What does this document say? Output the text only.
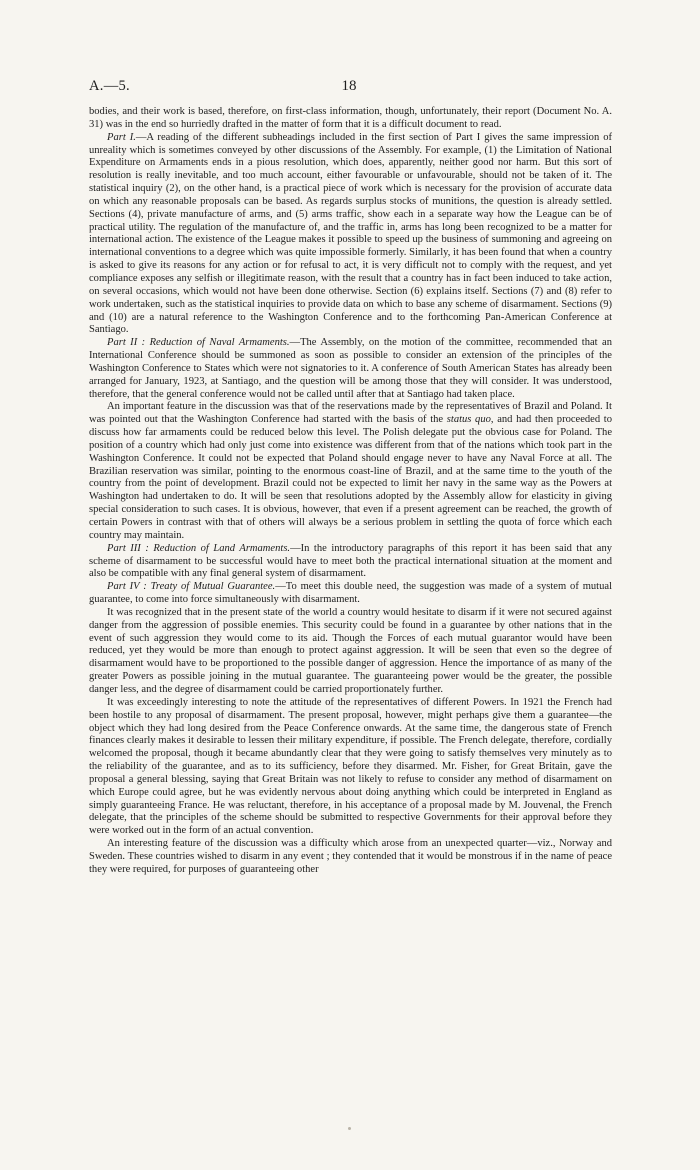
A.—5.	18

bodies, and their work is based, therefore, on first-class information, though, unfortunately, their report (Document No. A. 31) was in the end so hurriedly drafted in the matter of form that it is a difficult document to read.

Part I.—A reading of the different subheadings included in the first section of Part I gives the same impression of unreality which is sometimes conveyed by other discussions of the Assembly. For example, (1) the Limitation of National Expenditure on Armaments ends in a pious resolution, which does, apparently, neither good nor harm. But this sort of resolution is really inevitable, and too much account, either favourable or unfavourable, should not be taken of it. The statistical inquiry (2), on the other hand, is a practical piece of work which is necessary for the provision of accurate data on which any reasonable proposals can be based. As regards surplus stocks of munitions, the question is already settled. Sections (4), private manufacture of arms, and (5) arms traffic, show each in a separate way how the League can be of practical utility. The regulation of the manufacture of, and the traffic in, arms has long been recognized to be a matter for international action. The existence of the League makes it possible to speed up the business of summoning and agreeing on international conventions to a degree which was quite impossible formerly. Similarly, it has been found that when a country is asked to give its reasons for any action or for refusal to act, it is very difficult not to comply with the request, and yet compliance exposes any selfish or illegitimate reason, with the result that a country has in fact been induced to take action, on several occasions, which would not have been done otherwise. Section (6) explains itself. Sections (7) and (8) refer to work undertaken, such as the statistical inquiries to provide data on which to base any scheme of disarmament. Sections (9) and (10) are a natural reference to the Washington Conference and to the forthcoming Pan-American Conference at Santiago.

Part II : Reduction of Naval Armaments.—The Assembly, on the motion of the committee, recommended that an International Conference should be summoned as soon as possible to consider an extension of the principles of the Washington Conference to States which were not signatories to it. A conference of South American States has already been arranged for January, 1923, at Santiago, and the question will be among those that they will consider. It was understood, therefore, that the general conference would not be called until after that at Santiago had taken place.

An important feature in the discussion was that of the reservations made by the representatives of Brazil and Poland. It was pointed out that the Washington Conference had started with the basis of the status quo, and had then proceeded to discuss how far armaments could be reduced below this level. The Polish delegate put the obvious case for Poland. The position of a country which had only just come into existence was different from that of the nations which took part in the Washington Conference. It could not be expected that Poland should engage never to have any Naval Force at all. The Brazilian reservation was similar, pointing to the enormous coast-line of Brazil, and at the same time to the youth of the country from the point of development. Brazil could not be expected to limit her navy in the same way as the Powers at Washington had undertaken to do. It will be seen that resolutions adopted by the Assembly allow for elasticity in giving special consideration to such cases. It is obvious, however, that even if a present agreement can be reached, the growth of certain Powers in contrast with that of others will always be a serious problem in settling the quota of force which each country may maintain.

Part III : Reduction of Land Armaments.—In the introductory paragraphs of this report it has been said that any scheme of disarmament to be successful would have to meet both the practical international situation at the moment and also be compatible with any final general system of disarmament.

Part IV : Treaty of Mutual Guarantee.—To meet this double need, the suggestion was made of a system of mutual guarantee, to come into force simultaneously with disarmament.

It was recognized that in the present state of the world a country would hesitate to disarm if it were not secured against danger from the aggression of possible enemies. This security could be found in a guarantee by other nations that in the event of such aggression they would come to its aid. Though the Forces of each mutual guarantor would have been reduced, yet they would be more than enough to protect against aggression. It will be seen that even so the degree of disarmament would have to be proportioned to the possible danger of aggression. Hence the importance of as many of the greater Powers as possible joining in the mutual guarantee. The guaranteeing power would be the greater, the possible danger less, and the degree of disarmament could be carried proportionately further.

It was exceedingly interesting to note the attitude of the representatives of different Powers. In 1921 the French had been hostile to any proposal of disarmament. The present proposal, however, might perhaps give them a guarantee—the object which they had long desired from the Peace Conference onwards. At the same time, the dangerous state of French finances clearly makes it desirable to lessen their military expenditure, if possible. The French delegate, therefore, cordially welcomed the proposal, though it became abundantly clear that they were going to satisfy themselves very minutely as to the reliability of the guarantee, and as to its sufficiency, before they disarmed. Mr. Fisher, for Great Britain, gave the proposal a general blessing, saying that Great Britain was not likely to refuse to consider any method of disarmament on which Europe could agree, but he was evidently nervous about doing anything which could be interpreted in England as simply guaranteeing France. He was reluctant, therefore, in his acceptance of a proposal made by M. Jouvenal, the French delegate, that the principles of the scheme should be submitted to respective Governments for their approval before they were worked out in the form of an actual convention.

An interesting feature of the discussion was a difficulty which arose from an unexpected quarter—viz., Norway and Sweden. These countries wished to disarm in any event ; they contended that it would be monstrous if in the name of peace they were required, for purposes of guaranteeing other
